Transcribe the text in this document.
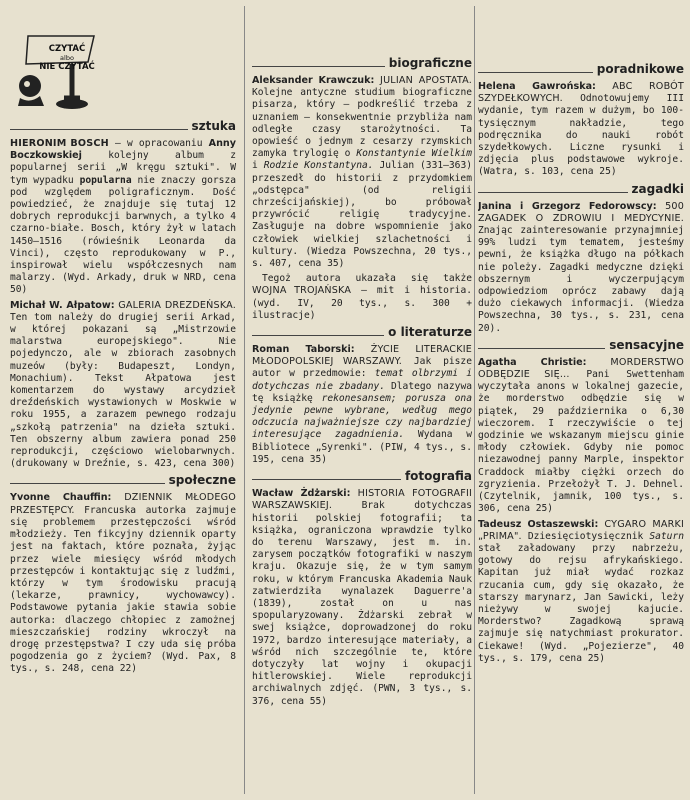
CZYTAĆ
albo
NIE CZYTAĆ
sztuka

HIERONIM BOSCH — w opracowaniu Anny Boczkowskiej kolejny album z popularnej serii „W kręgu sztuki". W tym wypadku popularna nie znaczy gorsza pod względem poligraficznym. Dość powiedzieć, że znajduje się tutaj 12 dobrych reprodukcji barwnych, a tylko 4 czarno-białe. Bosch, który żył w latach 1450—1516 (rówieśnik Leonarda da Vinci), często reprodukowany w P., inspirował wielu współczesnych nam malarzy. (Wyd. Arkady, druk w NRD, cena 50)

Michał W. Ałpatow: GALERIA DREZDEŃSKA. Ten tom należy do drugiej serii Arkad, w której pokazani są „Mistrzowie malarstwa europejskiego". Nie pojedynczo, ale w zbiorach zasobnych muzeów (były: Budapeszt, Londyn, Monachium). Tekst Ałpatowa jest komentarzem do wystawy arcydzieł dreźdeńskich wystawionych w Moskwie w roku 1955, a zarazem pewnego rodzaju „szkołą patrzenia" na dzieła sztuki. Ten obszerny album zawiera ponad 250 reprodukcji, częściowo wielobarwnych. (drukowany w Dreźnie, s. 423, cena 300)

społeczne

Yvonne Chauffin: DZIENNIK MŁODEGO PRZESTĘPCY. Francuska autorka zajmuje się problemem przestępczości wśród młodzieży. Ten fikcyjny dziennik oparty jest na faktach, które poznała, żyjąc przez wiele miesięcy wśród młodych przestępców i kontaktując się z ludźmi, którzy w tym środowisku pracują (lekarze, prawnicy, wychowawcy). Podstawowe pytania jakie stawia sobie autorka: dlaczego chłopiec z zamożnej mieszczańskiej rodziny wkroczył na drogę przestępstwa? I czy uda się próba pogodzenia go z życiem? (Wyd. Pax, 8 tys., s. 248, cena 22)

biograficzne

Aleksander Krawczuk: JULIAN APOSTATA. Kolejne antyczne studium biograficzne pisarza, który — podkreślić trzeba z uznaniem — konsekwentnie przybliża nam odległe czasy starożytności. Ta opowieść o jednym z cesarzy rzymskich zamyka trylogię o Konstantynie Wielkim i Rodzie Konstantyna. Julian (331—363) przeszedł do historii z przydomkiem „odstępca" (od religii chrześcijańskiej), bo próbował przywrócić religię tradycyjne. Zasługuje na dobre wspomnienie jako człowiek wielkiej szlachetności i kultury. (Wiedza Powszechna, 20 tys., s. 407, cena 35)

Tegoż autora ukazała się także WOJNA TROJAŃSKA — mit i historia. (wyd. IV, 20 tys., s. 300 + ilustracje)

o literaturze

Roman Taborski: ŻYCIE LITERACKIE MŁODOPOLSKIEJ WARSZAWY. Jak pisze autor w przedmowie: temat olbrzymi i dotychczas nie zbadany. Dlatego nazywa tę książkę rekonesansem; porusza ona jedynie pewne wybrane, według mego odczucia najważniejsze czy najbardziej interesujące zagadnienia. Wydana w Bibliotece „Syrenki". (PIW, 4 tys., s. 195, cena 35)

fotografia

Wacław Żdżarski: HISTORIA FOTOGRAFII WARSZAWSKIEJ. Brak dotychczas historii polskiej fotografii; ta książka, ograniczona wprawdzie tylko do terenu Warszawy, jest m. in. zarysem początków fotografiki w naszym kraju. Okazuje się, że w tym samym roku, w którym Francuska Akademia Nauk zatwierdziła wynalazek Daguerre'a (1839), został on u nas spopularyzowany. Żdżarski zebrał w swej książce, doprowadzonej do roku 1972, bardzo interesujące materiały, a wśród nich szczególnie te, które dotyczyły lat wojny i okupacji hitlerowskiej. Wiele reprodukcji archiwalnych zdjęć. (PWN, 3 tys., s. 376, cena 55)

poradnikowe

Helena Gawrońska: ABC ROBÓT SZYDEŁKOWYCH. Odnotowujemy III wydanie, tym razem w dużym, bo 100-tysięcznym nakładzie, tego podręcznika do nauki robót szydełkowych. Liczne rysunki i zdjęcia plus podstawowe wykroje. (Watra, s. 103, cena 25)

zagadki

Janina i Grzegorz Fedorowscy: 500 ZAGADEK O ZDROWIU I MEDYCYNIE. Znając zainteresowanie przynajmniej 99% ludzi tym tematem, jesteśmy pewni, że książka długo na półkach nie poleży. Zagadki medyczne dzięki obszernym i wyczerpującym odpowiedziom oprócz zabawy dają dużo ciekawych informacji. (Wiedza Powszechna, 30 tys., s. 231, cena 20).

sensacyjne

Agatha Christie: MORDERSTWO ODBĘDZIE SIĘ... Pani Swettenham wyczytała anons w lokalnej gazecie, że morderstwo odbędzie się w piątek, 29 października o 6,30 wieczorem. I rzeczywiście o tej godzinie we wskazanym miejscu ginie młody człowiek. Gdyby nie pomoc niezawodnej panny Marple, inspektor Craddock miałby ciężki orzech do zgryzienia. Przełożył T. J. Dehnel. (Czytelnik, jamnik, 100 tys., s. 306, cena 25)

Tadeusz Ostaszewski: CYGARO MARKI „PRIMA". Dziesięciotysięcznik Saturn stał załadowany przy nabrzeżu, gotowy do rejsu afrykańskiego. Kapitan już miał wydać rozkaz rzucania cum, gdy się okazało, że starszy marynarz, Jan Sawicki, leży nieżywy w swojej kajucie. Morderstwo? Zagadkową sprawą zajmuje się natychmiast prokurator. Ciekawe! (Wyd. „Pojezierze", 40 tys., s. 179, cena 25)
